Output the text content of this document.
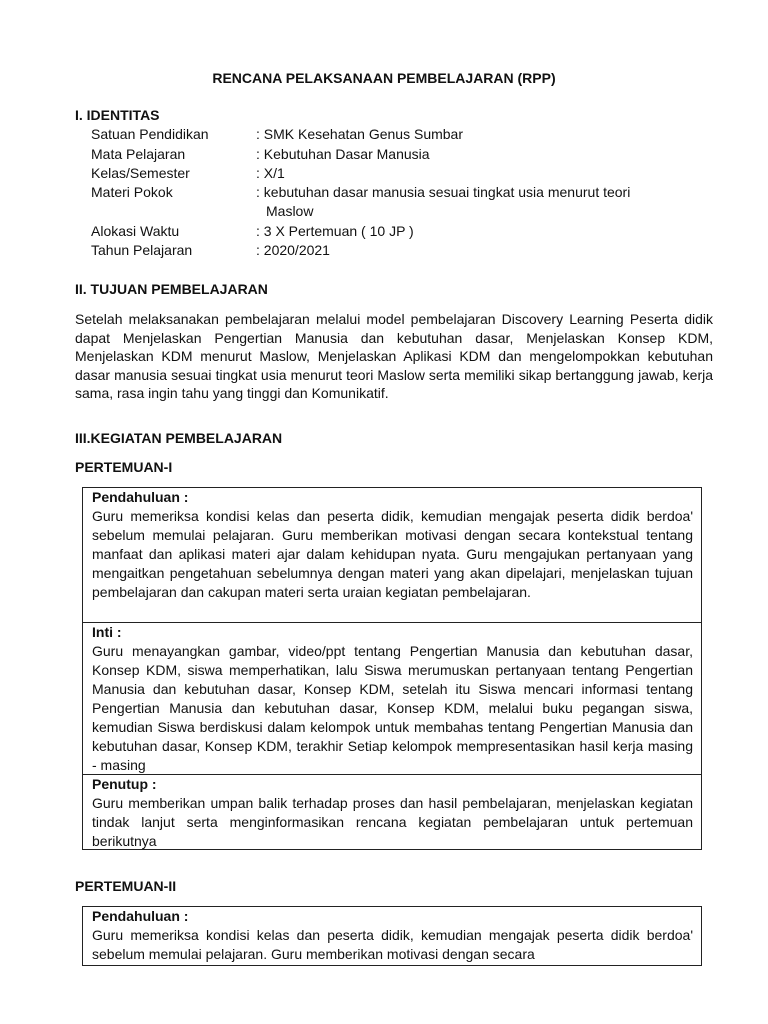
RENCANA PELAKSANAAN PEMBELAJARAN (RPP)
I. IDENTITAS
Satuan Pendidikan	: SMK Kesehatan Genus Sumbar
Mata Pelajaran	: Kebutuhan Dasar Manusia
Kelas/Semester	: X/1
Materi Pokok	: kebutuhan dasar manusia sesuai tingkat usia menurut teori
Maslow
Alokasi Waktu	: 3 X Pertemuan ( 10 JP )
Tahun Pelajaran	: 2020/2021
II. TUJUAN PEMBELAJARAN

Setelah melaksanakan pembelajaran melalui model pembelajaran Discovery Learning Peserta didik dapat Menjelaskan Pengertian Manusia dan kebutuhan dasar, Menjelaskan Konsep KDM, Menjelaskan KDM menurut Maslow, Menjelaskan Aplikasi KDM dan mengelompokkan kebutuhan dasar manusia sesuai tingkat usia menurut teori Maslow serta memiliki sikap bertanggung jawab, kerja sama, rasa ingin tahu yang tinggi dan Komunikatif.

III.KEGIATAN PEMBELAJARAN
PERTEMUAN-I
Pendahuluan :

Guru memeriksa kondisi kelas dan peserta didik, kemudian mengajak peserta didik berdoa' sebelum memulai pelajaran. Guru memberikan motivasi dengan secara kontekstual tentang manfaat dan aplikasi materi ajar dalam kehidupan nyata. Guru mengajukan pertanyaan yang mengaitkan pengetahuan sebelumnya dengan materi yang akan dipelajari, menjelaskan tujuan pembelajaran dan cakupan materi serta uraian kegiatan pembelajaran.

Inti :

Guru menayangkan gambar, video/ppt tentang Pengertian Manusia dan kebutuhan dasar, Konsep KDM, siswa memperhatikan, lalu Siswa merumuskan pertanyaan tentang Pengertian Manusia dan kebutuhan dasar, Konsep KDM, setelah itu Siswa mencari informasi tentang Pengertian Manusia dan kebutuhan dasar, Konsep KDM, melalui buku pegangan siswa, kemudian Siswa berdiskusi dalam kelompok untuk membahas tentang Pengertian Manusia dan kebutuhan dasar, Konsep KDM, terakhir Setiap kelompok mempresentasikan hasil kerja masing - masing

Penutup :

Guru memberikan umpan balik terhadap proses dan hasil pembelajaran, menjelaskan kegiatan tindak lanjut serta menginformasikan rencana kegiatan pembelajaran untuk pertemuan berikutnya

PERTEMUAN-II
Pendahuluan :

Guru memeriksa kondisi kelas dan peserta didik, kemudian mengajak peserta didik berdoa' sebelum memulai pelajaran. Guru memberikan motivasi dengan secara
